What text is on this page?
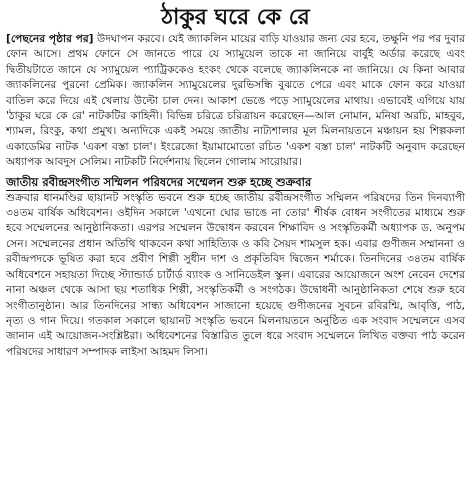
ঠাকুর ঘরে কে রে

[পেছনের পৃষ্ঠার পর] উদঘাপন করবে। যেই জ্যাকলিন মায়ের বাড়ি যাওয়ার জন্য বের হবে, তক্ষুনি পর পর দুবার ফোন আসে। প্রথম ফোনে সে জানতে পারে যে স্যামুয়েল তাকে না জানিয়ে বার্বুই অর্ডার করেছে এবং দ্বিতীয়টাতে জানে যে স্যামুয়েল প্যাট্রিককেও হংকং থেকে বলেছে জ্যাকলিনকে না জানিয়ে। যে কিনা আবার জ্যাকলিনের পুরনো প্রেমিক। জ্যাকলিন স্যামুয়েলের দুরভিসন্ধি বুঝতে পেরে এবং মাকে ফোন করে যাওয়া বাতিল করে দিয়ে এই খেলায় উল্টো চাল দেন। আকাশ ভেঙে পড়ে স্যামুয়েলের মাথায়। এভাবেই এগিয়ে যায় 'ঠাকুর ঘরে কে রে' নাটকটির কাহিনী। বিভিন্ন চরিত্রে চরিত্রায়ন করেছেন—আল নোমান, মনিষা অরচি, মাহবুব, শ্যামল, রিংকু, কথা প্রমুখ। অন্যদিকে একই সময়ে জাতীয় নাট্যশালার মূল মিলনায়তনে মঞ্চায়ন হয় শিল্পকলা একাডেমির নাটক 'একশ বস্তা চাল'। ইংরেজো ইয়ামামোতো রচিত 'একশ বস্তা চাল' নাটকটি অনুবাদ করেছেন অধ্যাপক আবদুস সেলিম। নাটকটি নির্দেশনায় ছিলেন গোলাম সারোয়ার।

জাতীয় রবীন্দ্রসংগীত সম্মিলন পরিষদের সম্মেলন শুরু হচ্ছে শুক্রবার

শুক্রবার ধানমণ্ডির ছায়ানট সংস্কৃতি ভবনে শুরু হচ্ছে জাতীয় রবীন্দ্রসংগীত সম্মিলন পরিষদের তিন দিনব্যাপী ৩৪তম বার্ষিক অধিবেশন। ওইদিন সকালে 'এখনো ঘোর ভাঙে না তোর' শীর্ষক বোধন সংগীতের মাধ্যমে শুরু হবে সম্মেলনের আনুষ্ঠানিকতা। এরপর সম্মেলন উদ্বোধন করবেন শিক্ষাবিদ ও সংস্কৃতিকর্মী অধ্যাপক ড. অনুপম সেন। সম্মেলনের প্রধান অতিথি থাকবেন কথা সাহিত্যিক ও কবি সৈয়দ শামসুল হক। এবার গুণীজন সম্মাননা ও রবীন্দ্রপদকে ভূষিত করা হবে প্রবীণ শিল্পী সুধীন দাশ ও প্রকৃতিবিদ দ্বিজেন শর্মাকে। তিনদিনের ৩৪তম বার্ষিক অধিবেশনে সহায়তা দিচ্ছে স্ট্যান্ডার্ড চার্টার্ড ব্যাংক ও সানিডেইল স্কুল। এবারের আয়োজনে অংশ নেবেন দেশের নানা অঞ্চল থেকে আসা ছয় শতাধিক শিল্পী, সংস্কৃতিকর্মী ও সংগঠক। উদ্বোধনী আনুষ্ঠানিকতা শেষে শুরু হবে সংগীতানুষ্ঠান। আর তিনদিনের সান্ধ্য অধিবেশন সাজানো হয়েছে গুণীজনের সুবচন রবিরশ্মি, আবৃত্তি, পাঠ, নৃত্য ও গান দিয়ে। গতকাল সকালে ছায়ানট সংস্কৃতি ভবনে মিলনায়তনে অনুষ্ঠিত এক সংবাদ সম্মেলনে এসব জানান এই আয়োজন-সংশ্লিষ্টরা। অধিবেশনের বিস্তারিত তুলে ধরে সংবাদ সম্মেলনে লিখিত বক্তব্য পাঠ করেন পরিষদের সাধারণ সম্পাদক লাইসা আহমদ লিসা।
